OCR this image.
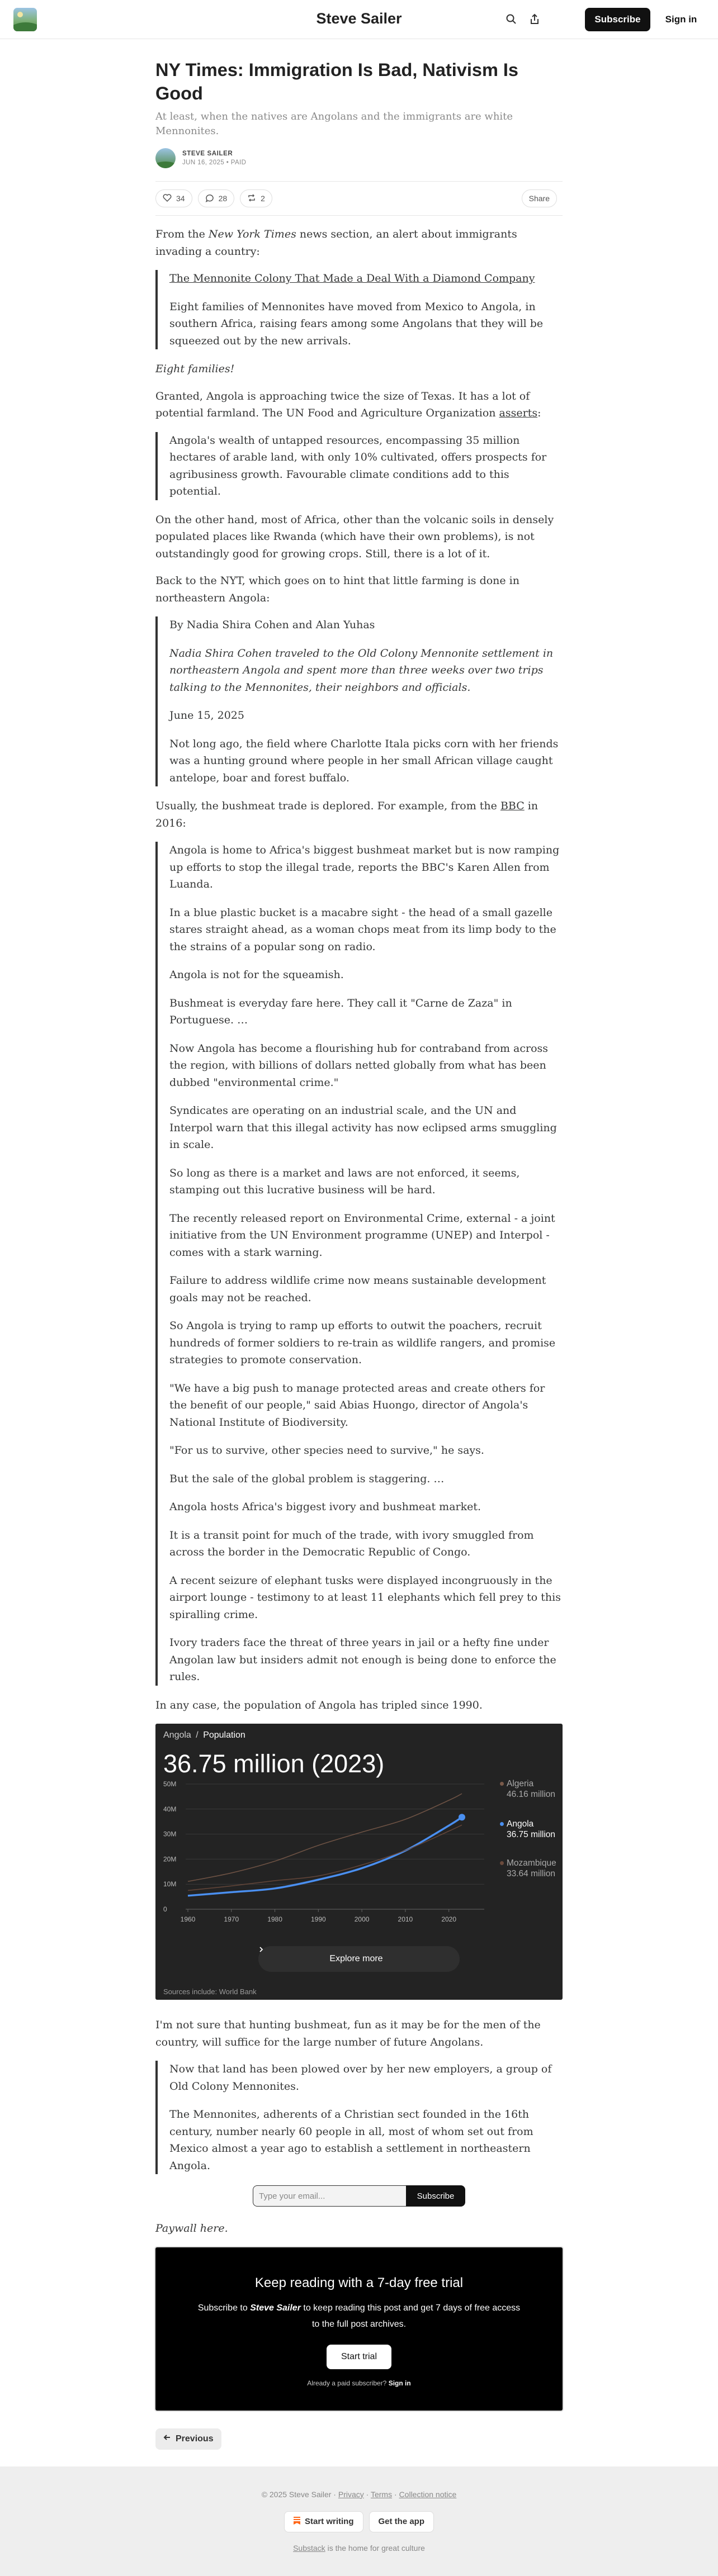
Steve Sailer	Subscribe	Sign in
NY Times: Immigration Is Bad, Nativism Is Good
At least, when the natives are Angolans and the immigrants are white Mennonites.
STEVE SAILER
JUN 16, 2025 • PAID
34	28	2	Share

From the New York Times news section, an alert about immigrants invading a country:

The Mennonite Colony That Made a Deal With a Diamond Company

Eight families of Mennonites have moved from Mexico to Angola, in southern Africa, raising fears among some Angolans that they will be squeezed out by the new arrivals.

Eight families!

Granted, Angola is approaching twice the size of Texas. It has a lot of potential farmland. The UN Food and Agriculture Organization asserts:

Angola's wealth of untapped resources, encompassing 35 million hectares of arable land, with only 10% cultivated, offers prospects for agribusiness growth. Favourable climate conditions add to this potential.

On the other hand, most of Africa, other than the volcanic soils in densely populated places like Rwanda (which have their own problems), is not outstandingly good for growing crops. Still, there is a lot of it.

Back to the NYT, which goes on to hint that little farming is done in northeastern Angola:

By Nadia Shira Cohen and Alan Yuhas

Nadia Shira Cohen traveled to the Old Colony Mennonite settlement in northeastern Angola and spent more than three weeks over two trips talking to the Mennonites, their neighbors and officials.

June 15, 2025

Not long ago, the field where Charlotte Itala picks corn with her friends was a hunting ground where people in her small African village caught antelope, boar and forest buffalo.

Usually, the bushmeat trade is deplored. For example, from the BBC in 2016:

Angola is home to Africa's biggest bushmeat market but is now ramping up efforts to stop the illegal trade, reports the BBC's Karen Allen from Luanda.

In a blue plastic bucket is a macabre sight - the head of a small gazelle stares straight ahead, as a woman chops meat from its limp body to the the strains of a popular song on radio.

Angola is not for the squeamish.

Bushmeat is everyday fare here. They call it "Carne de Zaza" in Portuguese. …

Now Angola has become a flourishing hub for contraband from across the region, with billions of dollars netted globally from what has been dubbed "environmental crime."

Syndicates are operating on an industrial scale, and the UN and Interpol warn that this illegal activity has now eclipsed arms smuggling in scale.

So long as there is a market and laws are not enforced, it seems, stamping out this lucrative business will be hard.

The recently released report on Environmental Crime, external - a joint initiative from the UN Environment programme (UNEP) and Interpol - comes with a stark warning.

Failure to address wildlife crime now means sustainable development goals may not be reached.

So Angola is trying to ramp up efforts to outwit the poachers, recruit hundreds of former soldiers to re-train as wildlife rangers, and promise strategies to promote conservation.

"We have a big push to manage protected areas and create others for the benefit of our people," said Abias Huongo, director of Angola's National Institute of Biodiversity.

"For us to survive, other species need to survive," he says.

But the sale of the global problem is staggering. …

Angola hosts Africa's biggest ivory and bushmeat market.

It is a transit point for much of the trade, with ivory smuggled from across the border in the Democratic Republic of Congo.

A recent seizure of elephant tusks were displayed incongruously in the airport lounge - testimony to at least 11 elephants which fell prey to this spiralling crime.

Ivory traders face the threat of three years in jail or a hefty fine under Angolan law but insiders admit not enough is being done to enforce the rules.

In any case, the population of Angola has tripled since 1990.

Angola / Population
36.75 million (2023)
50M
40M
30M
20M
10M
0
1960	1970	1980	1990	2000	2010	2020
Algeria
46.16 million
Angola
36.75 million
Mozambique
33.64 million
Explore more
Sources include: World Bank

I'm not sure that hunting bushmeat, fun as it may be for the men of the country, will suffice for the large number of future Angolans.

Now that land has been plowed over by her new employers, a group of Old Colony Mennonites.

The Mennonites, adherents of a Christian sect founded in the 16th century, number nearly 60 people in all, most of whom set out from Mexico almost a year ago to establish a settlement in northeastern Angola.

Type your email...	Subscribe

Paywall here.

Keep reading with a 7-day free trial
Subscribe to Steve Sailer to keep reading this post and get 7 days of free access to the full post archives.
Start trial
Already a paid subscriber? Sign in
Previous
© 2025 Steve Sailer · Privacy · Terms · Collection notice
Start writing	Get the app
Substack is the home for great culture
